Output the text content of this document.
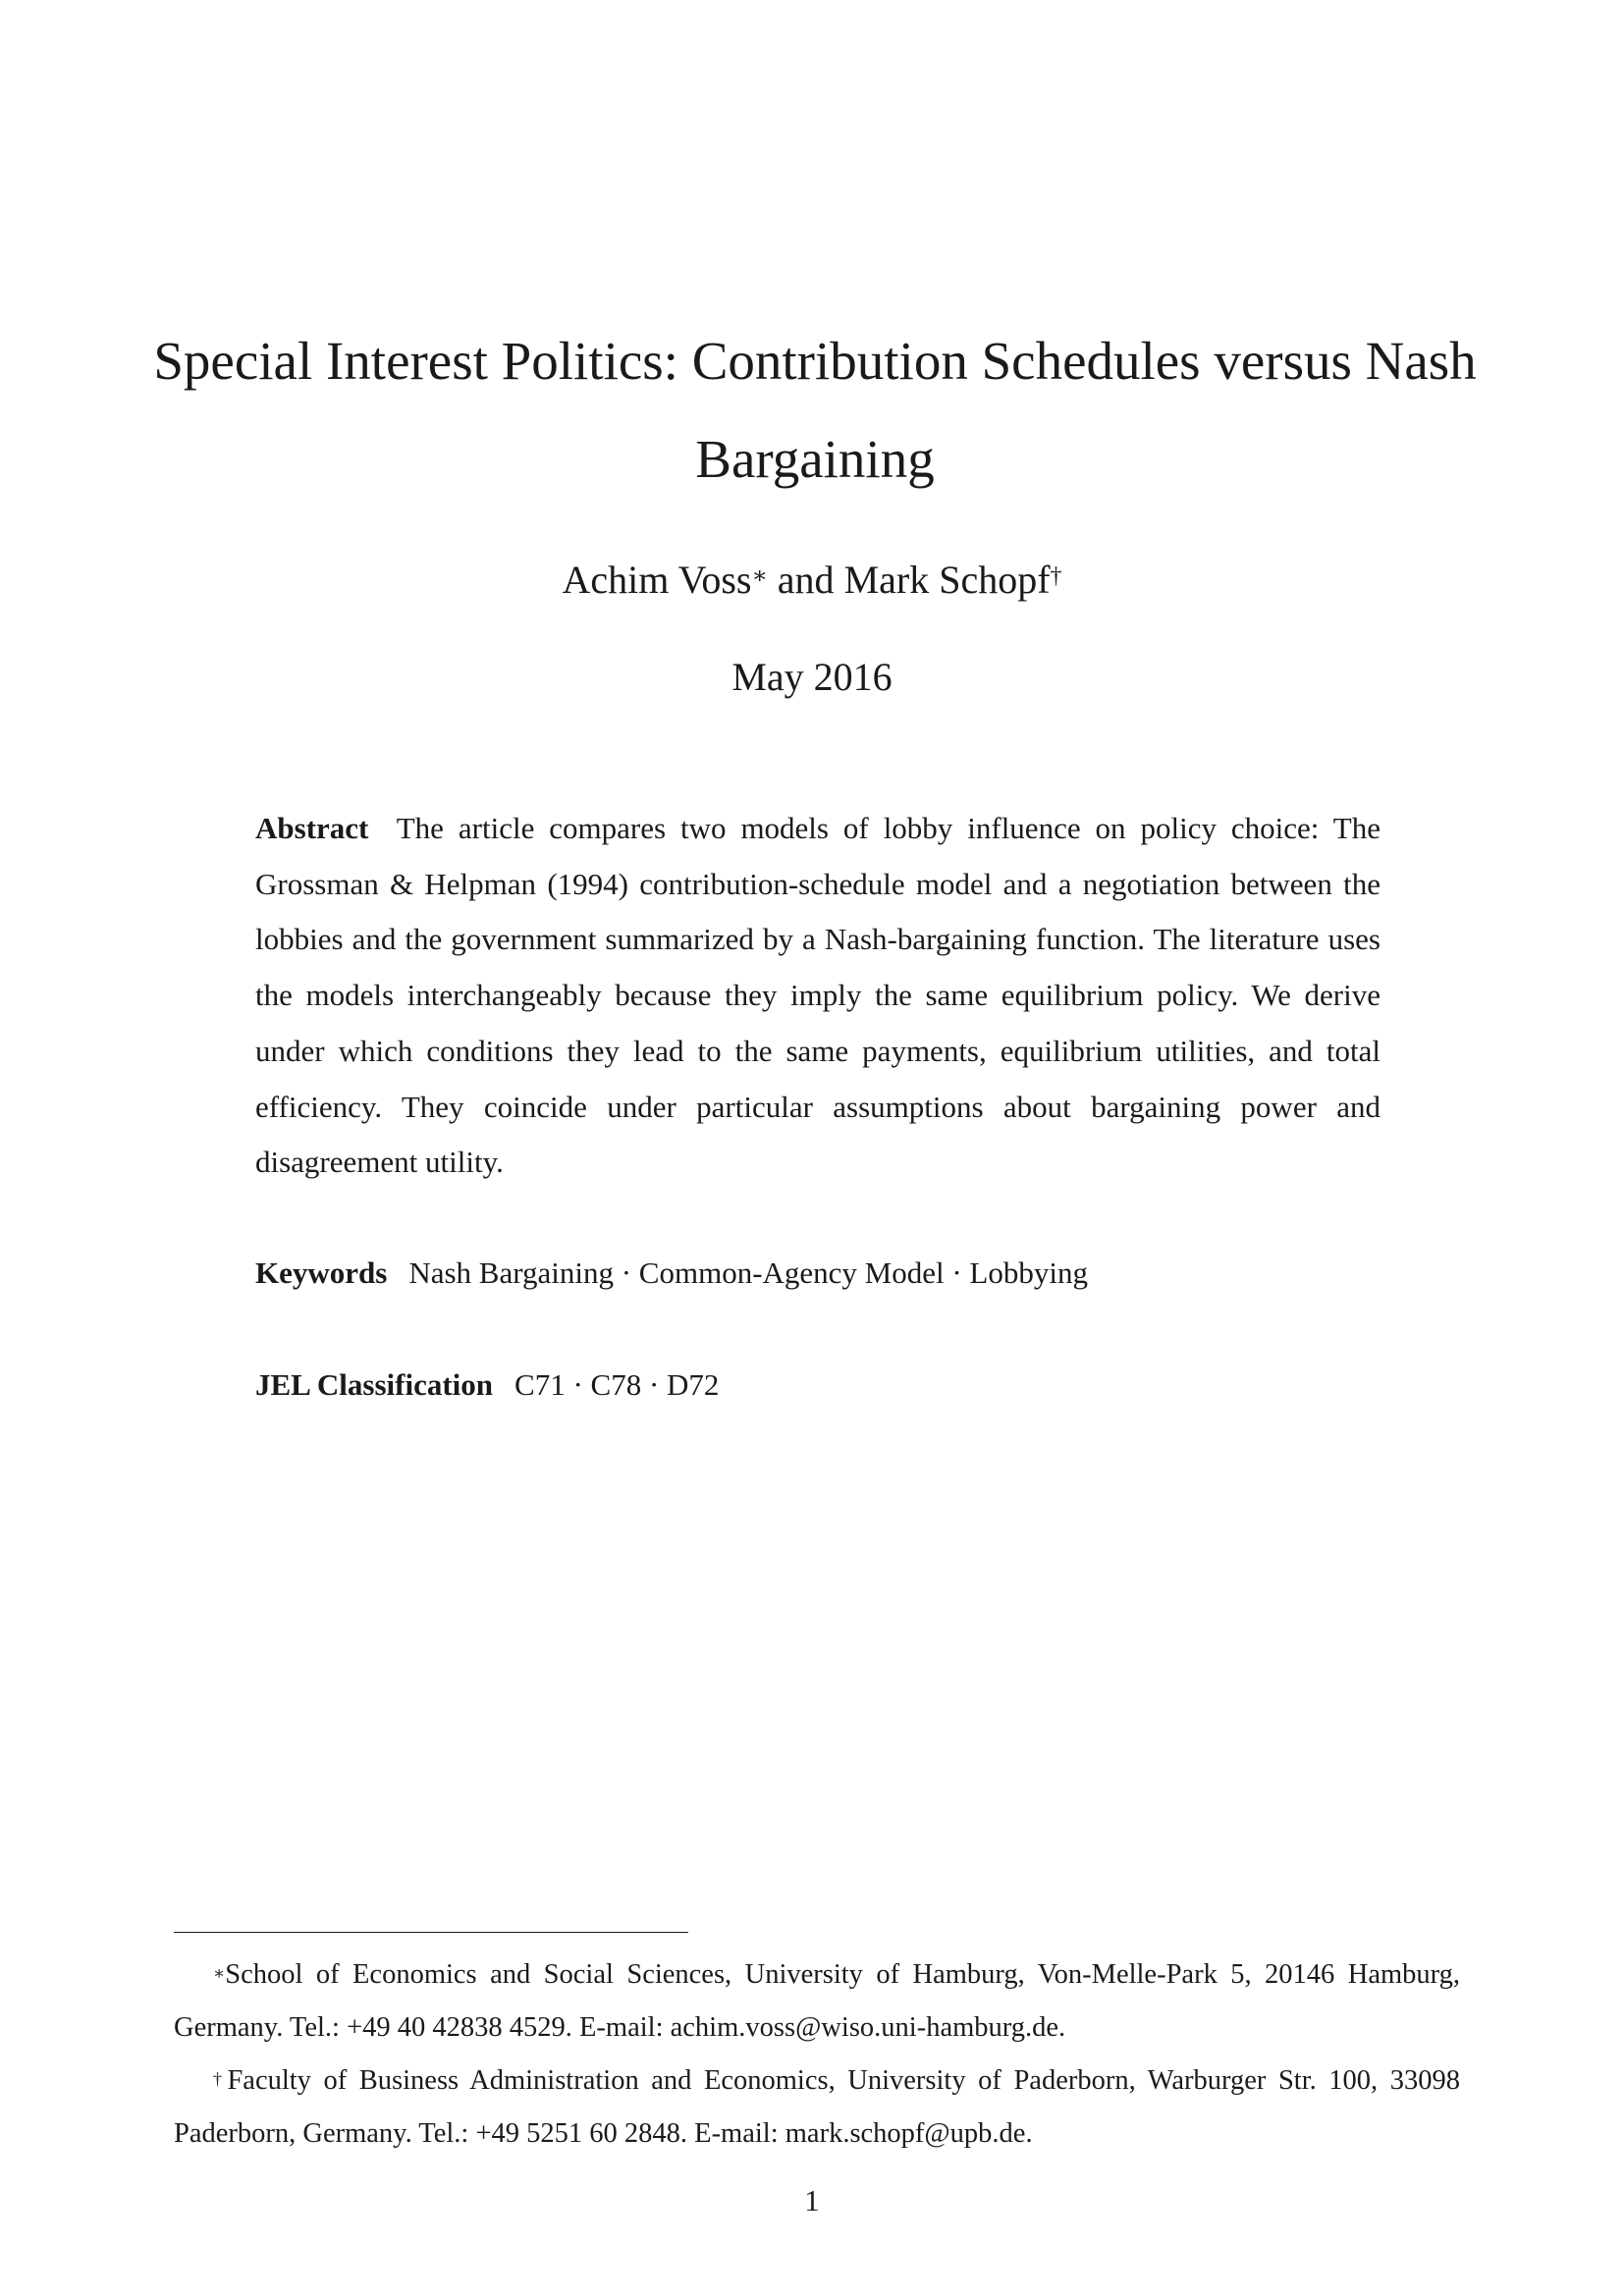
Special Interest Politics: Contribution Schedules versus Nash Bargaining
Achim Voss∗ and Mark Schopf†
May 2016

Abstract The article compares two models of lobby influence on policy choice: The Grossman & Helpman (1994) contribution-schedule model and a negotiation between the lobbies and the government summarized by a Nash-bargaining function. The literature uses the models interchangeably because they imply the same equilibrium policy. We derive under which conditions they lead to the same payments, equilibrium utilities, and total efficiency. They coincide under particular assumptions about bargaining power and disagreement utility.

Keywords Nash Bargaining · Common-Agency Model · Lobbying
JEL Classification C71 · C78 · D72

∗School of Economics and Social Sciences, University of Hamburg, Von-Melle-Park 5, 20146 Hamburg, Germany. Tel.: +49 40 42838 4529. E-mail: achim.voss@wiso.uni-hamburg.de.

†Faculty of Business Administration and Economics, University of Paderborn, Warburger Str. 100, 33098 Paderborn, Germany. Tel.: +49 5251 60 2848. E-mail: mark.schopf@upb.de.

1
